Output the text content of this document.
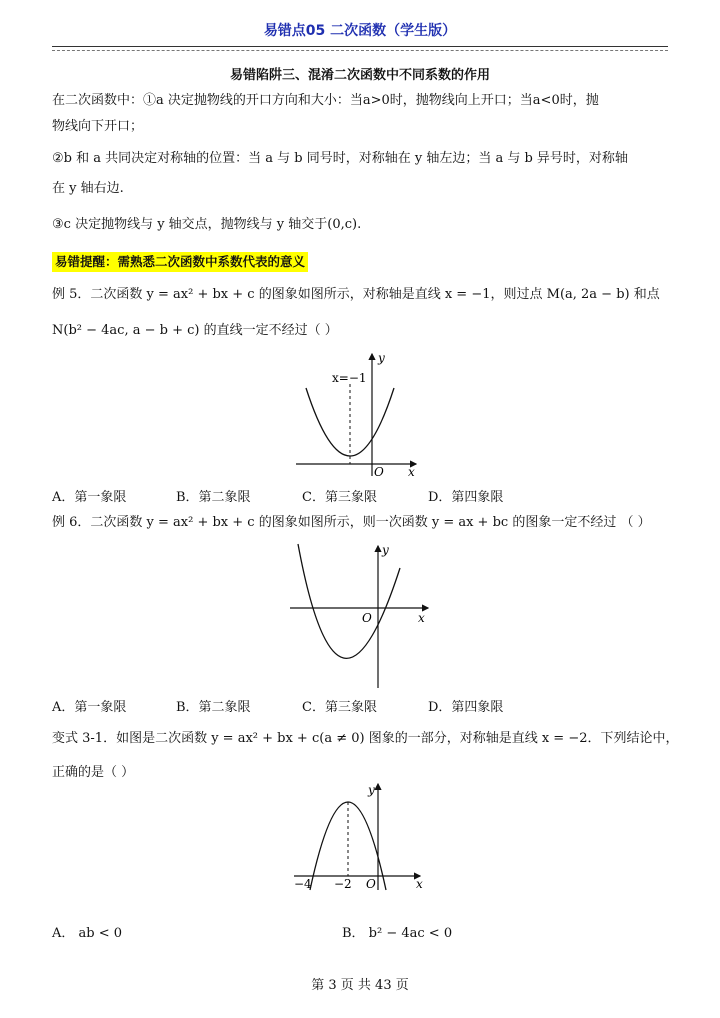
易错点05 二次函数（学生版）
易错陷阱三、混淆二次函数中不同系数的作用
在二次函数中：①a 决定抛物线的开口方向和大小：当a>0时，抛物线向上开口；当a<0时，抛
物线向下开口；
②b 和 a 共同决定对称轴的位置：当 a 与 b 同号时，对称轴在 y 轴左边；当 a 与 b 异号时，对称轴
在 y 轴右边.
③c 决定抛物线与 y 轴交点，抛物线与 y 轴交于(0,c).
易错提醒：需熟悉二次函数中系数代表的意义
例 5．二次函数 y = ax² + bx + c 的图象如图所示，对称轴是直线 x = −1，则过点 M(a, 2a − b) 和点
N(b² − 4ac, a − b + c) 的直线一定不经过（ ）
y
x
O
x=−1
A．第一象限	B．第二象限	C．第三象限	D．第四象限
例 6．二次函数 y = ax² + bx + c 的图象如图所示，则一次函数 y = ax + bc 的图象一定不经过 （ ）
y
x
O
A．第一象限	B．第二象限	C．第三象限	D．第四象限
变式 3-1．如图是二次函数 y = ax² + bx + c(a ≠ 0) 图象的一部分，对称轴是直线 x = −2．下列结论中，
正确的是（ ）
y
x
O
−4 −2
A． ab < 0	B． b² − 4ac < 0
第 3 页 共 43 页
